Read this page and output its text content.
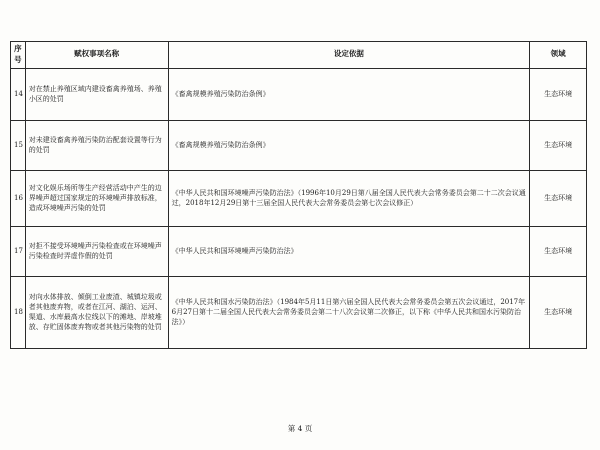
序号	赋权事项名称	设定依据	领域
14	对在禁止养殖区域内建设畜禽养殖场、养殖小区的处罚	《畜禽规模养殖污染防治条例》	生态环境
15	对未建设畜禽养殖污染防治配套设置等行为的处罚	《畜禽规模养殖污染防治条例》	生态环境
16	对文化娱乐场所等生产经营活动中产生的边界噪声超过国家规定的环境噪声排放标准，造成环境噪声污染的处罚	《中华人民共和国环境噪声污染防治法》（1996年10月29日第八届全国人民代表大会常务委员会第二十二次会议通过，2018年12月29日第十三届全国人民代表大会常务委员会第七次会议修正）	生态环境
17	对拒不接受环境噪声污染检查或在环境噪声污染检查时弄虚作假的处罚	《中华人民共和国环境噪声污染防治法》	生态环境
18	对向水体排放、倾倒工业废渣、城镇垃圾或者其他废弃物，或者在江河、湖泊、运河、渠道、水库最高水位线以下的滩地、岸坡堆放、存贮固体废弃物或者其他污染物的处罚	《中华人民共和国水污染防治法》（1984年5月11日第六届全国人民代表大会常务委员会第五次会议通过，2017年6月27日第十二届全国人民代表大会常务委员会第二十八次会议第二次修正，以下称《中华人民共和国水污染防治法》）	生态环境
第 4 页
